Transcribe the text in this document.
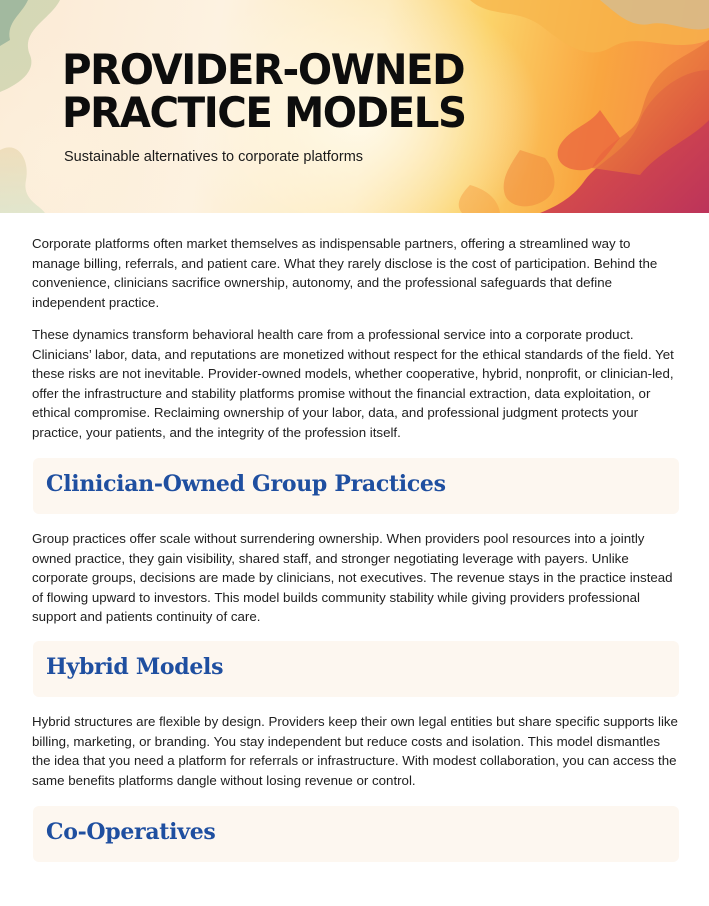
PROVIDER-OWNED
PRACTICE MODELS

Sustainable alternatives to corporate platforms

Corporate platforms often market themselves as indispensable partners, offering a streamlined way to manage billing, referrals, and patient care. What they rarely disclose is the cost of participation. Behind the convenience, clinicians sacrifice ownership, autonomy, and the professional safeguards that define independent practice.

These dynamics transform behavioral health care from a professional service into a corporate product. Clinicians’ labor, data, and reputations are monetized without respect for the ethical standards of the field. Yet these risks are not inevitable. Provider-owned models, whether cooperative, hybrid, nonprofit, or clinician-led, offer the infrastructure and stability platforms promise without the financial extraction, data exploitation, or ethical compromise. Reclaiming ownership of your labor, data, and professional judgment protects your practice, your patients, and the integrity of the profession itself.

Clinician-Owned Group Practices

Group practices offer scale without surrendering ownership. When providers pool resources into a jointly owned practice, they gain visibility, shared staff, and stronger negotiating leverage with payers. Unlike corporate groups, decisions are made by clinicians, not executives. The revenue stays in the practice instead of flowing upward to investors. This model builds community stability while giving providers professional support and patients continuity of care.

Hybrid Models

Hybrid structures are flexible by design. Providers keep their own legal entities but share specific supports like billing, marketing, or branding. You stay independent but reduce costs and isolation. This model dismantles the idea that you need a platform for referrals or infrastructure. With modest collaboration, you can access the same benefits platforms dangle without losing revenue or control.

Co-Operatives
